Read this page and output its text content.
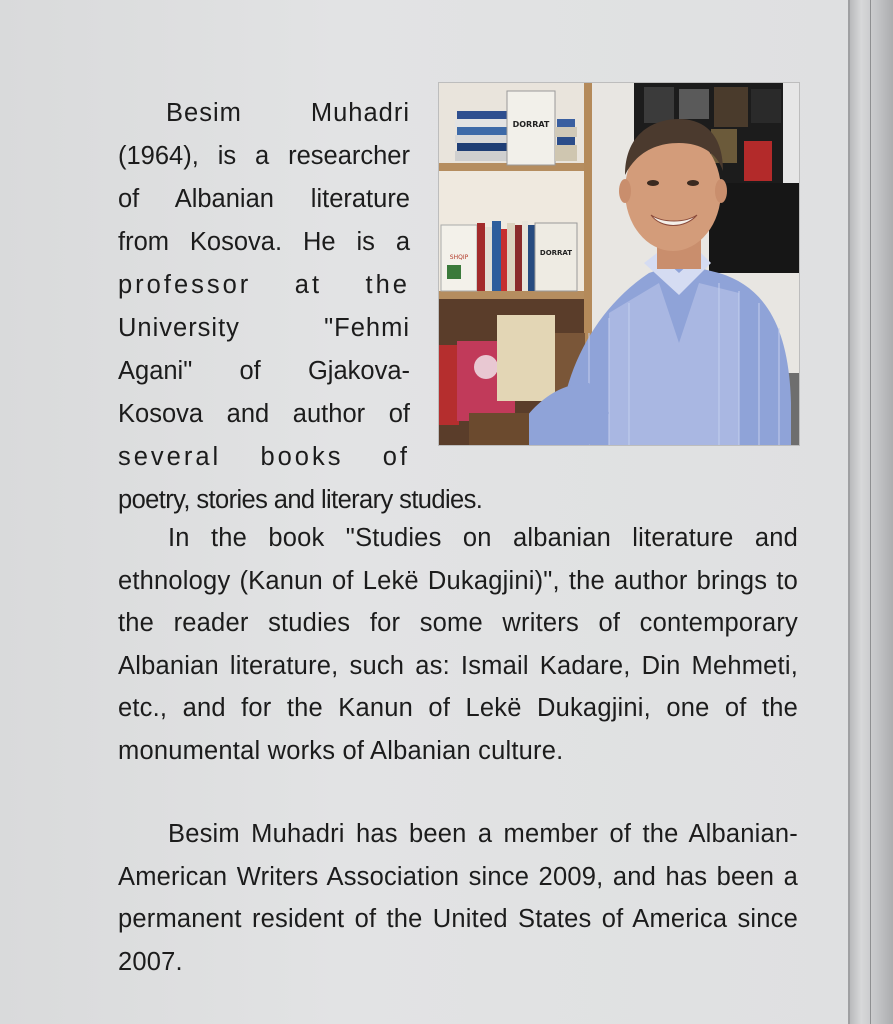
Besim Muhadri
(1964), is a researcher
of Albanian literature
from Kosova. He is a
professor at the
University "Fehmi
Agani" of Gjakova-
Kosova and author of
several books of
poetry, stories and literary studies.
DORRAT
SHQIP
DORRAT

In the book "Studies on albanian literature and ethnology (Kanun of Lekë Dukagjini)", the author brings to the reader studies for some writers of contemporary Albanian literature, such as: Ismail Kadare, Din Mehmeti, etc., and for the Kanun of Lekë Dukagjini, one of the monumental works of Albanian culture.

Besim Muhadri has been a member of the Albanian-American Writers Association since 2009, and has been a permanent resident of the United States of America since 2007.
